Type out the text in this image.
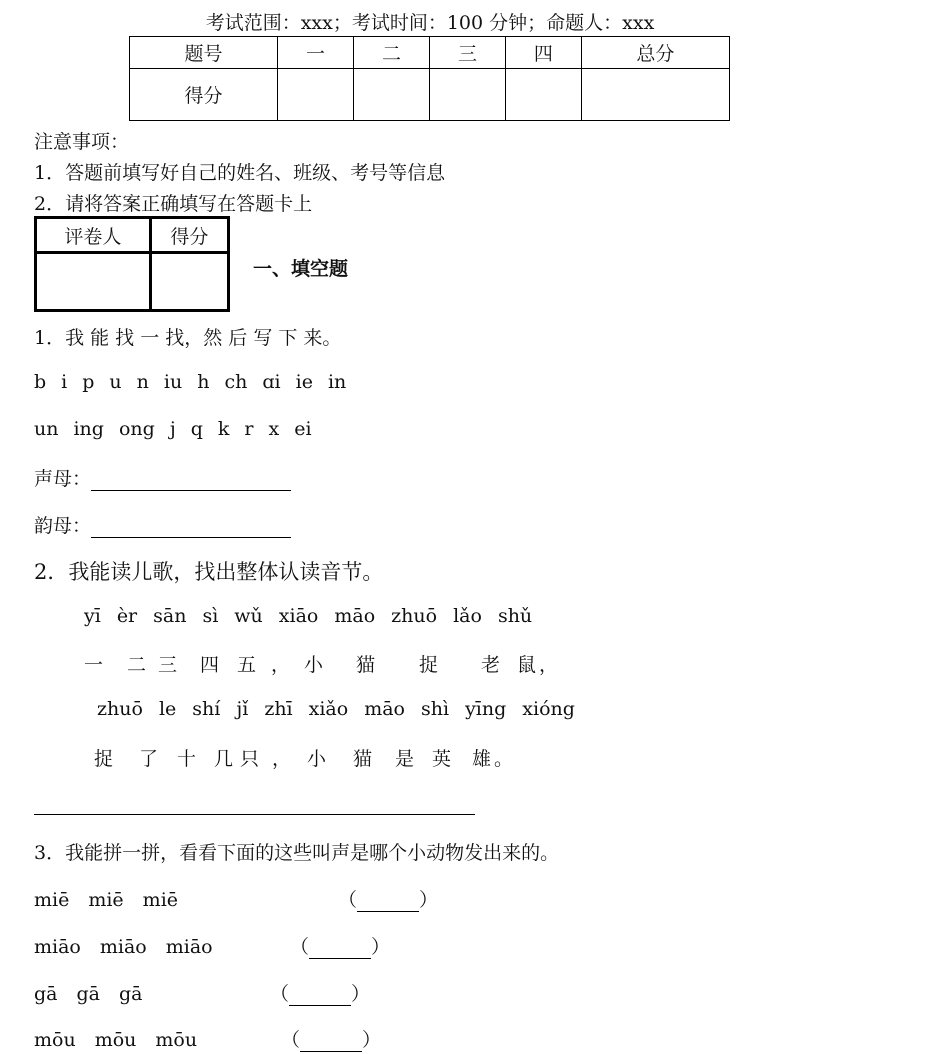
考试范围：xxx；考试时间：100 分钟；命题人：xxx
题号	一	二	三	四	总分
得分					
注意事项：
1．答题前填写好自己的姓名、班级、考号等信息
2．请将答案正确填写在答题卡上
评卷人	得分

一、填空题
1．我 能 找 一 找，然 后 写 下 来。
b i p u n iu h ch ɑi ie in
un ing ong j q k r x ei
声母：
韵母：
2．我能读儿歌，找出整体认读音节。
yī èr sān sì wǔ xiāo māo zhuō lǎo shǔ
一 二 三 四 五 ， 小 猫 捉 老 鼠 ，
zhuō le shí jǐ zhī xiǎo māo shì yīng xióng
捉 了 十 几 只 ， 小 猫 是 英 雄 。
3．我能拼一拼，看看下面的这些叫声是哪个小动物发出来的。
miē　miē　miē	（	）
miāo　miāo　miāo	（	）
gā　gā　gā	（	）
mōu　mōu　mōu	（	）
